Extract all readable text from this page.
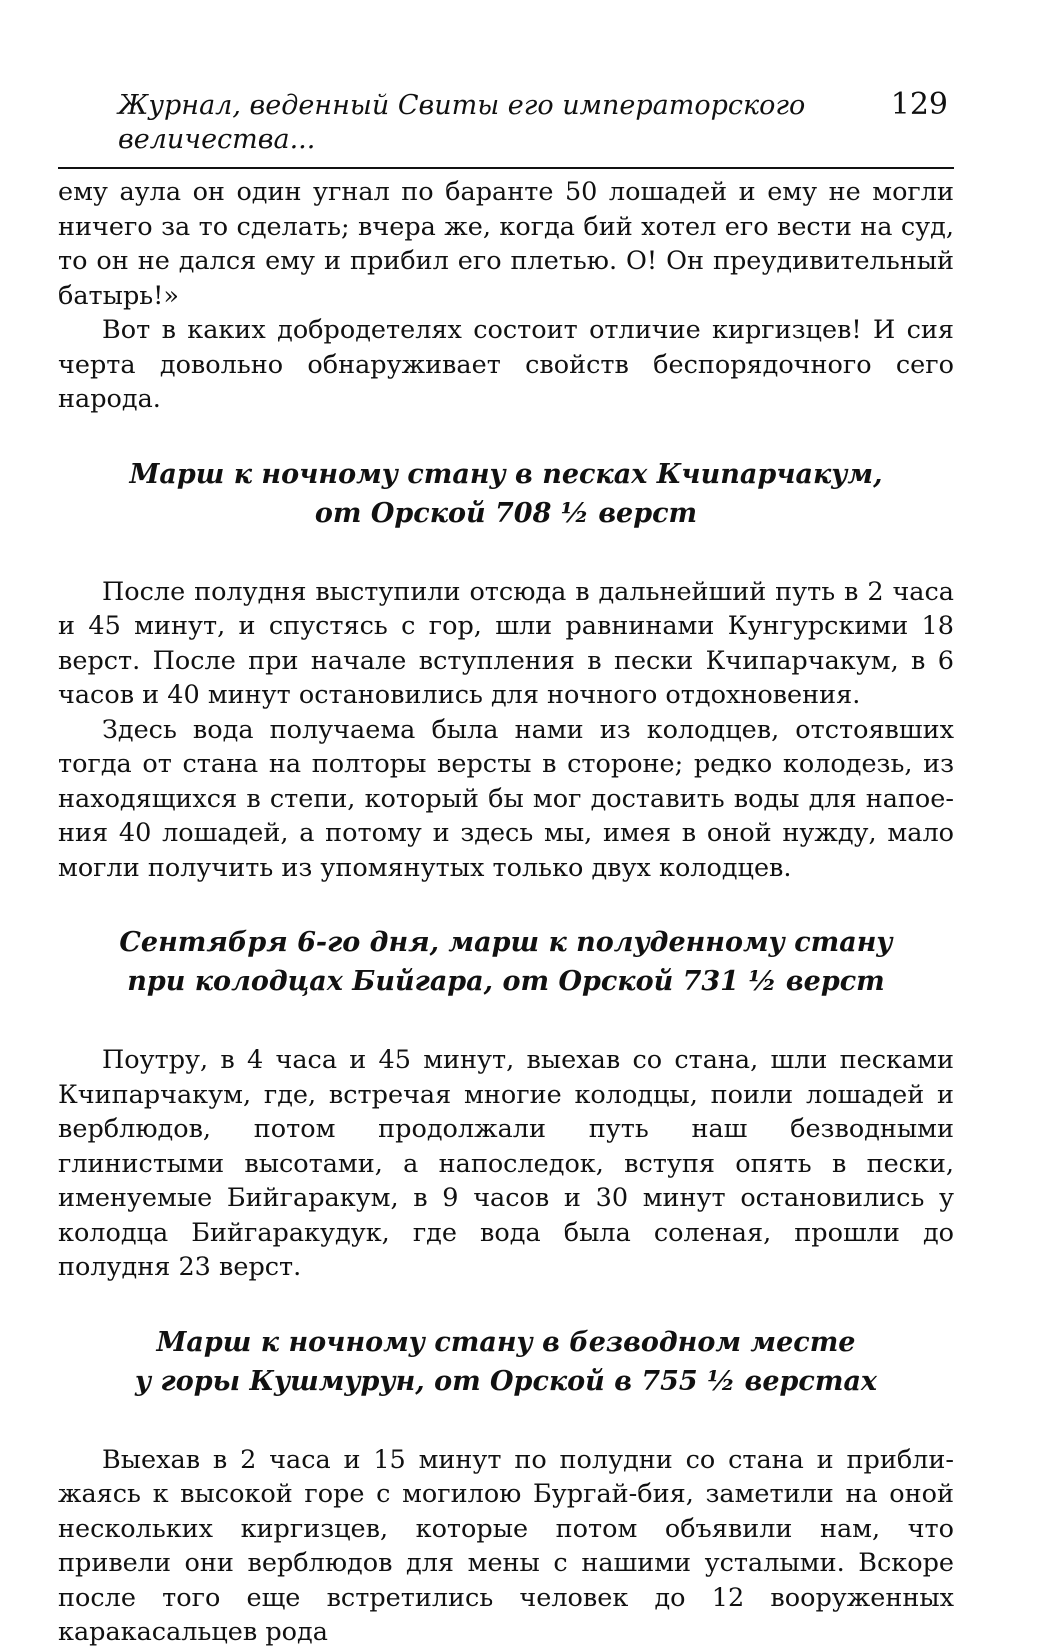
Журнал, веденный Свиты его императорского величества...
129

ему аула он один угнал по баранте 50 лошадей и ему не могли ничего за то сделать; вчера же, когда бий хотел его вести на суд, то он не дался ему и прибил его плетью. О! Он преудивительный батырь!»

Вот в каких добродетелях состоит отличие киргизцев! И сия черта довольно обнаруживает свойств беспорядочного сего народа.

Марш к ночному стану в песках Кчипарчакум,
от Орской 708 ½ верст

После полудня выступили отсюда в дальнейший путь в 2 часа и 45 минут, и спустясь с гор, шли равнинами Кунгурскими 18 верст. После при начале вступления в пески Кчипарчакум, в 6 часов и 40 минут остановились для ночного отдохновения.

Здесь вода получаема была нами из колодцев, отстоявших тогда от стана на полторы версты в стороне; редко колодезь, из находящихся в степи, который бы мог доставить воды для напоения 40 лошадей, а потому и здесь мы, имея в оной нужду, мало могли получить из упомянутых только двух колодцев.

Сентября 6-го дня, марш к полуденному стану
при колодцах Бийгара, от Орской 731 ½ верст

Поутру, в 4 часа и 45 минут, выехав со стана, шли песками Кчипарчакум, где, встречая многие колодцы, поили лошадей и верблюдов, потом продолжали путь наш безводными глинистыми высотами, а напоследок, вступя опять в пески, именуемые Бийгаракум, в 9 часов и 30 минут остановились у колодца Бийгаракудук, где вода была соленая, прошли до полудня 23 верст.

Марш к ночному стану в безводном месте
у горы Кушмурун, от Орской в 755 ½ верстах

Выехав в 2 часа и 15 минут по полудни со стана и приближаясь к высокой горе с могилою Бургай-бия, заметили на оной нескольких киргизцев, которые потом объявили нам, что привели они верблюдов для мены с нашими усталыми. Вскоре после того еще встретились человек до 12 вооруженных каракасальцев рода
